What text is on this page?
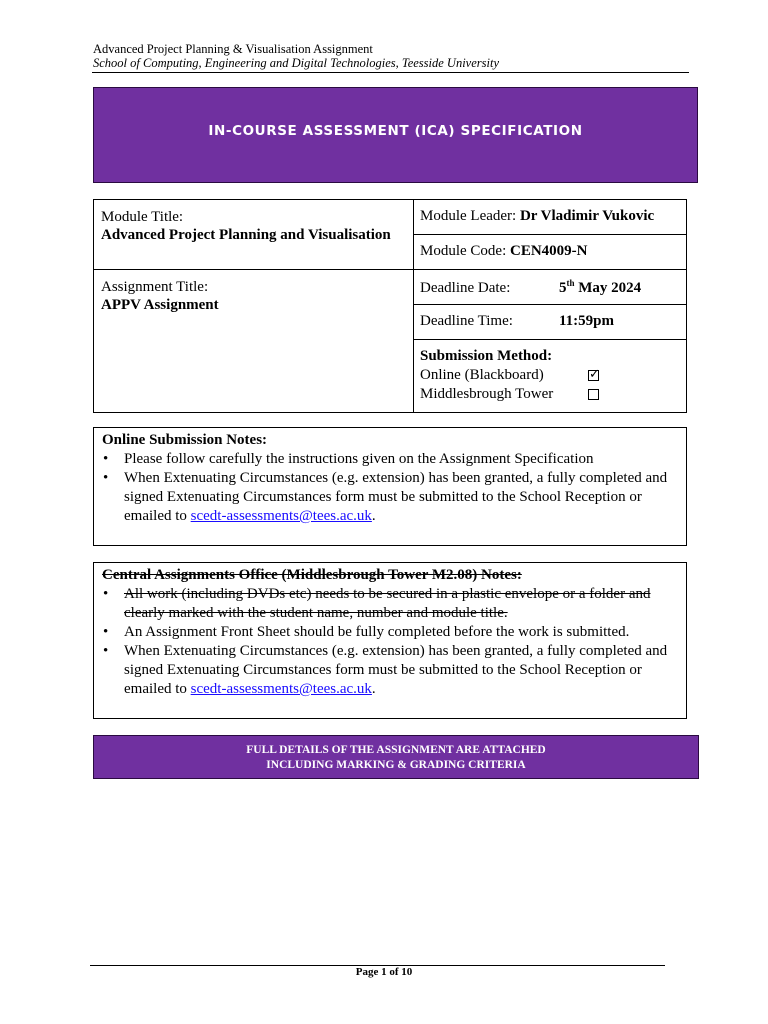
Advanced Project Planning & Visualisation Assignment
School of Computing, Engineering and Digital Technologies, Teesside University
IN-COURSE ASSESSMENT (ICA) SPECIFICATION
Module Title:
Advanced Project Planning and Visualisation
Module Leader: Dr Vladimir Vukovic
Module Code: CEN4009-N
Assignment Title:
APPV Assignment
Deadline Date:	5th May 2024
Deadline Time:	11:59pm
Submission Method:
Online (Blackboard)✓
Middlesbrough Tower
Online Submission Notes:
• Please follow carefully the instructions given on the Assignment Specification
• When Extenuating Circumstances (e.g. extension) has been granted, a fully completed and signed Extenuating Circumstances form must be submitted to the School Reception or emailed to scedt-assessments@tees.ac.uk.
Central Assignments Office (Middlesbrough Tower M2.08) Notes:
• All work (including DVDs etc) needs to be secured in a plastic envelope or a folder and clearly marked with the student name, number and module title.
• An Assignment Front Sheet should be fully completed before the work is submitted.
• When Extenuating Circumstances (e.g. extension) has been granted, a fully completed and signed Extenuating Circumstances form must be submitted to the School Reception or emailed to scedt-assessments@tees.ac.uk.
FULL DETAILS OF THE ASSIGNMENT ARE ATTACHED
INCLUDING MARKING & GRADING CRITERIA
Page 1 of 10
